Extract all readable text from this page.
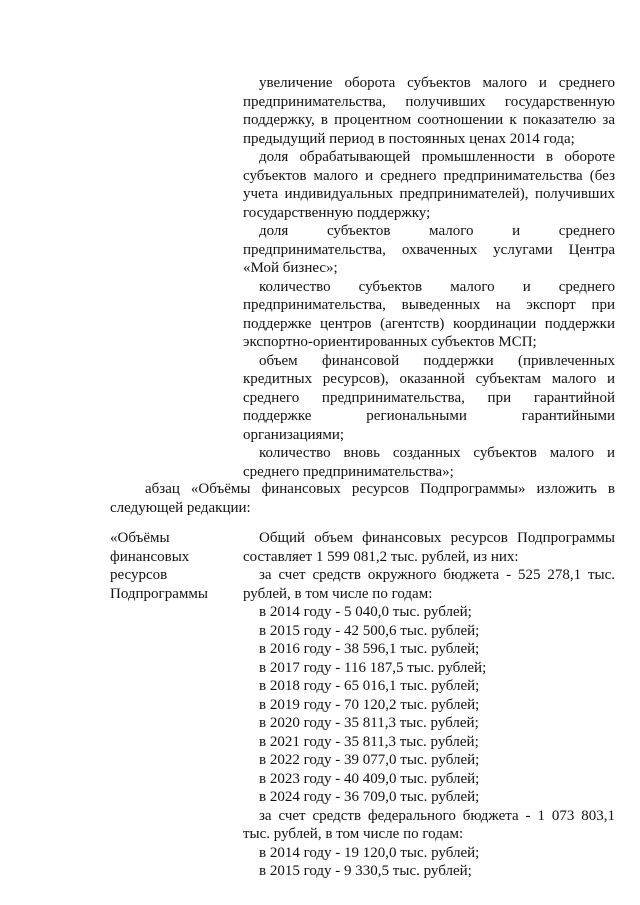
увеличение оборота субъектов малого и среднего предпринимательства, получивших государственную поддержку, в процентном соотношении к показателю за предыдущий период в постоянных ценах 2014 года;

доля обрабатывающей промышленности в обороте субъектов малого и среднего предпринимательства (без учета индивидуальных предпринимателей), получивших государственную поддержку;

доля субъектов малого и среднего предпринимательства, охваченных услугами Центра «Мой бизнес»;

количество субъектов малого и среднего предпринимательства, выведенных на экспорт при поддержке центров (агентств) координации поддержки экспортно-ориентированных субъектов МСП;

объем финансовой поддержки (привлеченных кредитных ресурсов), оказанной субъектам малого и среднего предпринимательства, при гарантийной поддержке региональными гарантийными организациями;

количество вновь созданных субъектов малого и среднего предпринимательства»;

абзац «Объёмы финансовых ресурсов Подпрограммы» изложить в следующей редакции:

«Объёмы
финансовых
ресурсов
Подпрограммы

Общий объем финансовых ресурсов Подпрограммы составляет 1 599 081,2 тыс. рублей, из них:

за счет средств окружного бюджета - 525 278,1 тыс. рублей, в том числе по годам:

в 2014 году - 5 040,0 тыс. рублей;

в 2015 году - 42 500,6 тыс. рублей;

в 2016 году - 38 596,1 тыс. рублей;

в 2017 году - 116 187,5 тыс. рублей;

в 2018 году - 65 016,1 тыс. рублей;

в 2019 году - 70 120,2 тыс. рублей;

в 2020 году - 35 811,3 тыс. рублей;

в 2021 году - 35 811,3 тыс. рублей;

в 2022 году - 39 077,0 тыс. рублей;

в 2023 году - 40 409,0 тыс. рублей;

в 2024 году - 36 709,0 тыс. рублей;

за счет средств федерального бюджета - 1 073 803,1 тыс. рублей, в том числе по годам:

в 2014 году - 19 120,0 тыс. рублей;

в 2015 году - 9 330,5 тыс. рублей;
